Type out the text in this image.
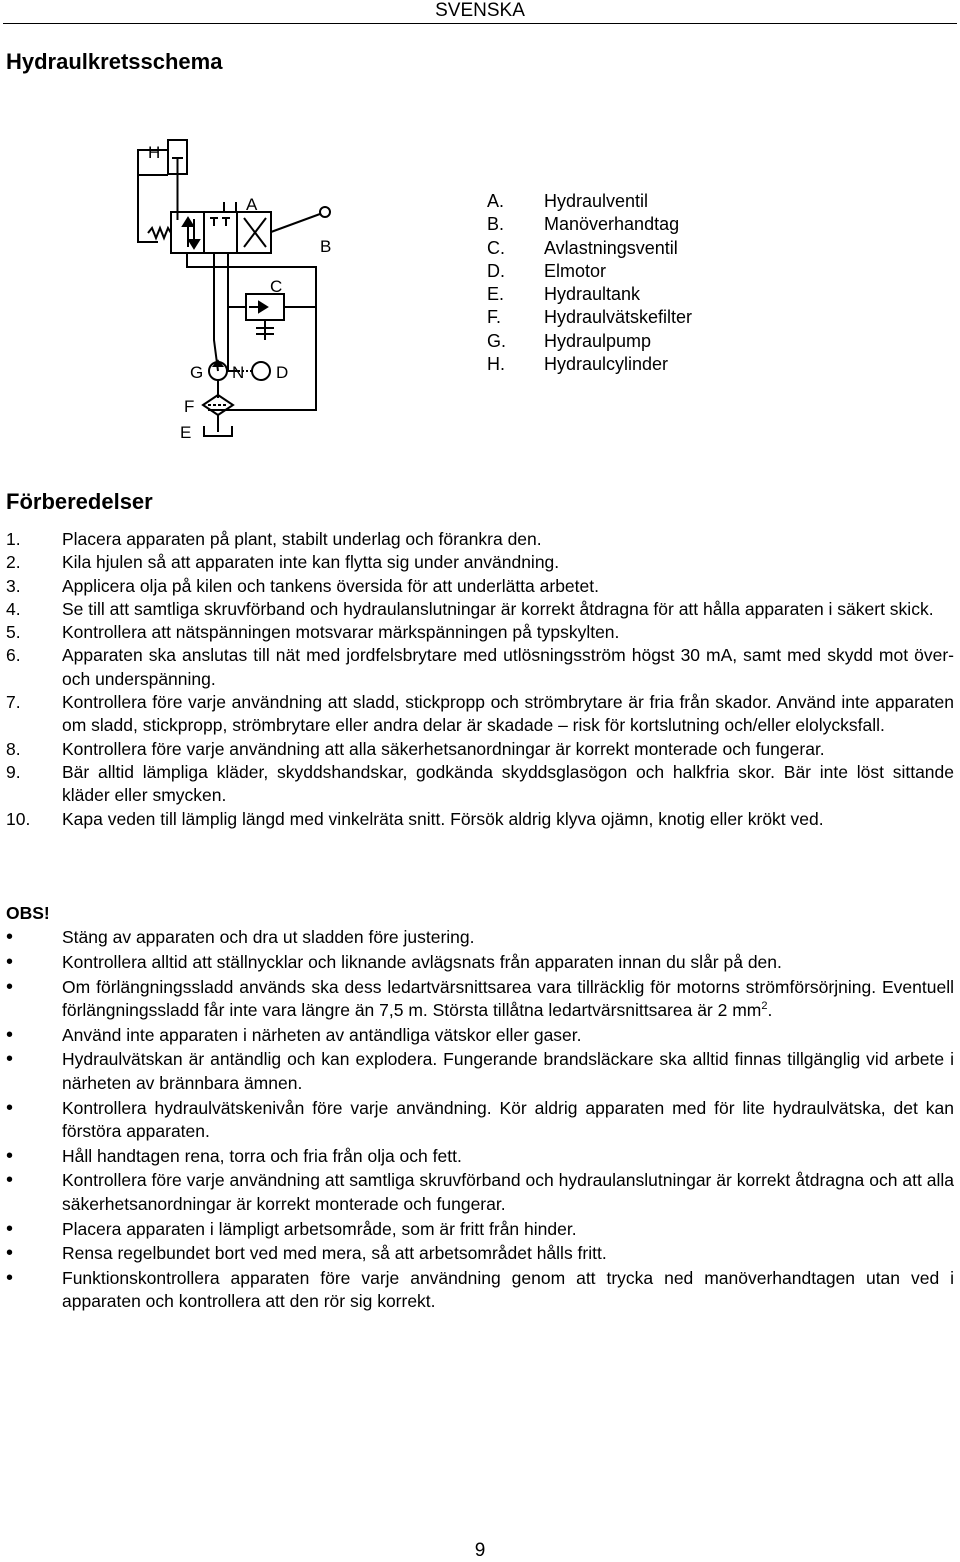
SVENSKA
Hydraulkretsschema
H
A
B
C
G N D
F
E
A. Hydraulventil
B. Manöverhandtag
C. Avlastningsventil
D. Elmotor
E. Hydraultank
F. Hydraulvätskefilter
G. Hydraulpump
H. Hydraulcylinder
Förberedelser
1. Placera apparaten på plant, stabilt underlag och förankra den.
2. Kila hjulen så att apparaten inte kan flytta sig under användning.
3. Applicera olja på kilen och tankens översida för att underlätta arbetet.
4. Se till att samtliga skruvförband och hydraulanslutningar är korrekt åtdragna för att hålla apparaten i säkert skick.
5. Kontrollera att nätspänningen motsvarar märkspänningen på typskylten.
6. Apparaten ska anslutas till nät med jordfelsbrytare med utlösningsström högst 30 mA, samt med skydd mot över- och underspänning.
7. Kontrollera före varje användning att sladd, stickpropp och strömbrytare är fria från skador. Använd inte apparaten om sladd, stickpropp, strömbrytare eller andra delar är skadade – risk för kortslutning och/eller elolycksfall.
8. Kontrollera före varje användning att alla säkerhetsanordningar är korrekt monterade och fungerar.
9. Bär alltid lämpliga kläder, skyddshandskar, godkända skyddsglasögon och halkfria skor. Bär inte löst sittande kläder eller smycken.
10. Kapa veden till lämplig längd med vinkelräta snitt. Försök aldrig klyva ojämn, knotig eller krökt ved.
OBS!
•	Stäng av apparaten och dra ut sladden före justering.
•	Kontrollera alltid att ställnycklar och liknande avlägsnats från apparaten innan du slår på den.
•	Om förlängningssladd används ska dess ledartvärsnittsarea vara tillräcklig för motorns strömförsörjning. Eventuell förlängningssladd får inte vara längre än 7,5 m. Största tillåtna ledartvärsnittsarea är 2 $mm^2$.
•	Använd inte apparaten i närheten av antändliga vätskor eller gaser.
•	Hydraulvätskan är antändlig och kan explodera. Fungerande brandsläckare ska alltid finnas tillgänglig vid arbete i närheten av brännbara ämnen.
•	Kontrollera hydraulvätskenivån före varje användning. Kör aldrig apparaten med för lite hydraulvätska, det kan förstöra apparaten.
•	Håll handtagen rena, torra och fria från olja och fett.
•	Kontrollera före varje användning att samtliga skruvförband och hydraulanslutningar är korrekt åtdragna och att alla säkerhetsanordningar är korrekt monterade och fungerar.
•	Placera apparaten i lämpligt arbetsområde, som är fritt från hinder.
•	Rensa regelbundet bort ved med mera, så att arbetsområdet hålls fritt.
•	Funktionskontrollera apparaten före varje användning genom att trycka ned manöverhandtagen utan ved i apparaten och kontrollera att den rör sig korrekt.
9
